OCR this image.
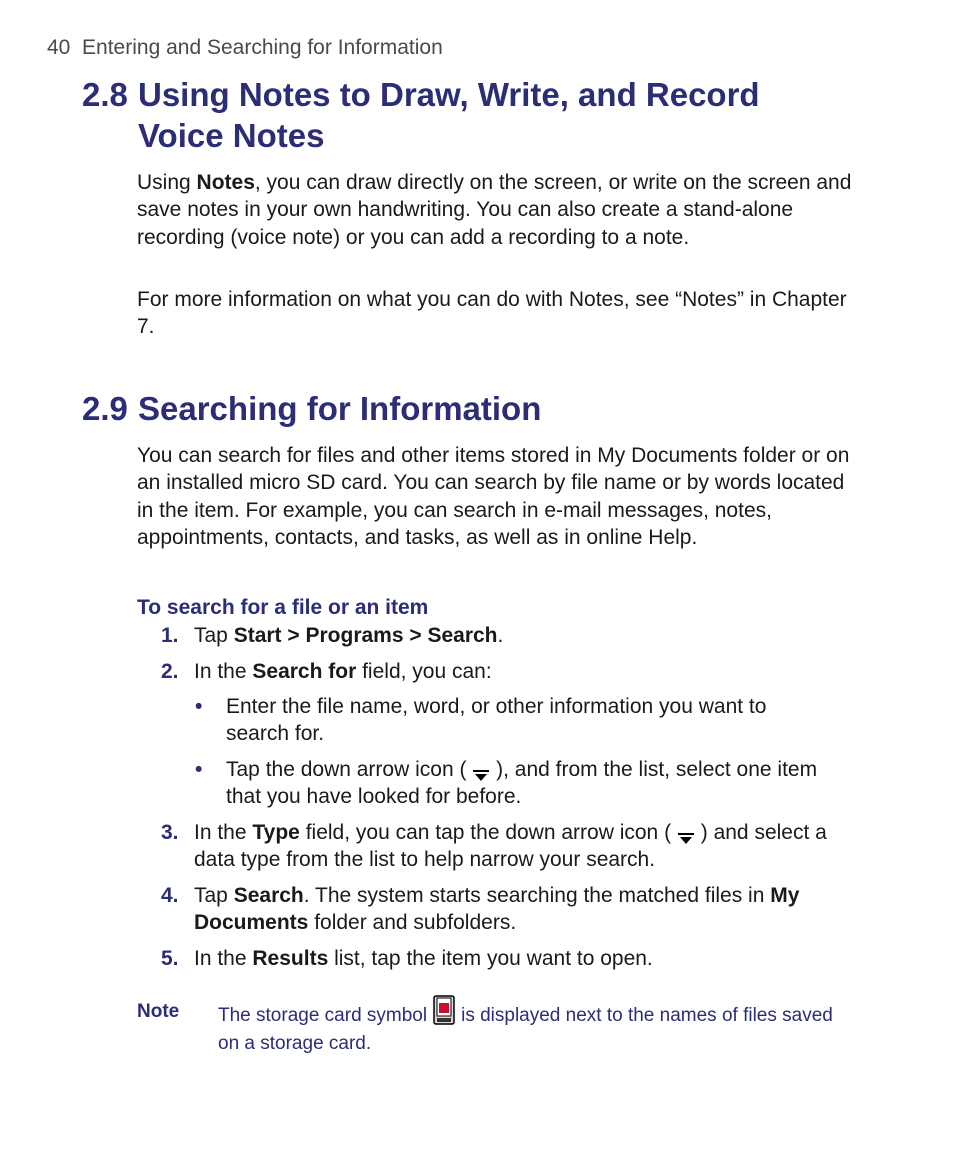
40 Entering and Searching for Information
2.8 Using Notes to Draw, Write, and Record
Voice Notes

Using Notes, you can draw directly on the screen, or write on the screen and save notes in your own handwriting. You can also create a stand-alone recording (voice note) or you can add a recording to a note.

For more information on what you can do with Notes, see “Notes” in Chapter 7.

2.9 Searching for Information

You can search for files and other items stored in My Documents folder or on an installed micro SD card. You can search by file name or by words located in the item. For example, you can search in e-mail messages, notes, appointments, contacts, and tasks, as well as in online Help.

To search for a file or an item
1. Tap Start > Programs > Search.
2. In the Search for field, you can:
• Enter the file name, word, or other information you want to search for.
• Tap the down arrow icon (  ), and from the list, select one item that you have looked for before.
3. In the Type field, you can tap the down arrow icon (  ) and select a data type from the list to help narrow your search.
4. Tap Search. The system starts searching the matched files in My Documents folder and subfolders.
5. In the Results list, tap the item you want to open.
Note The storage card symbol is displayed next to the names of files saved on a storage card.
